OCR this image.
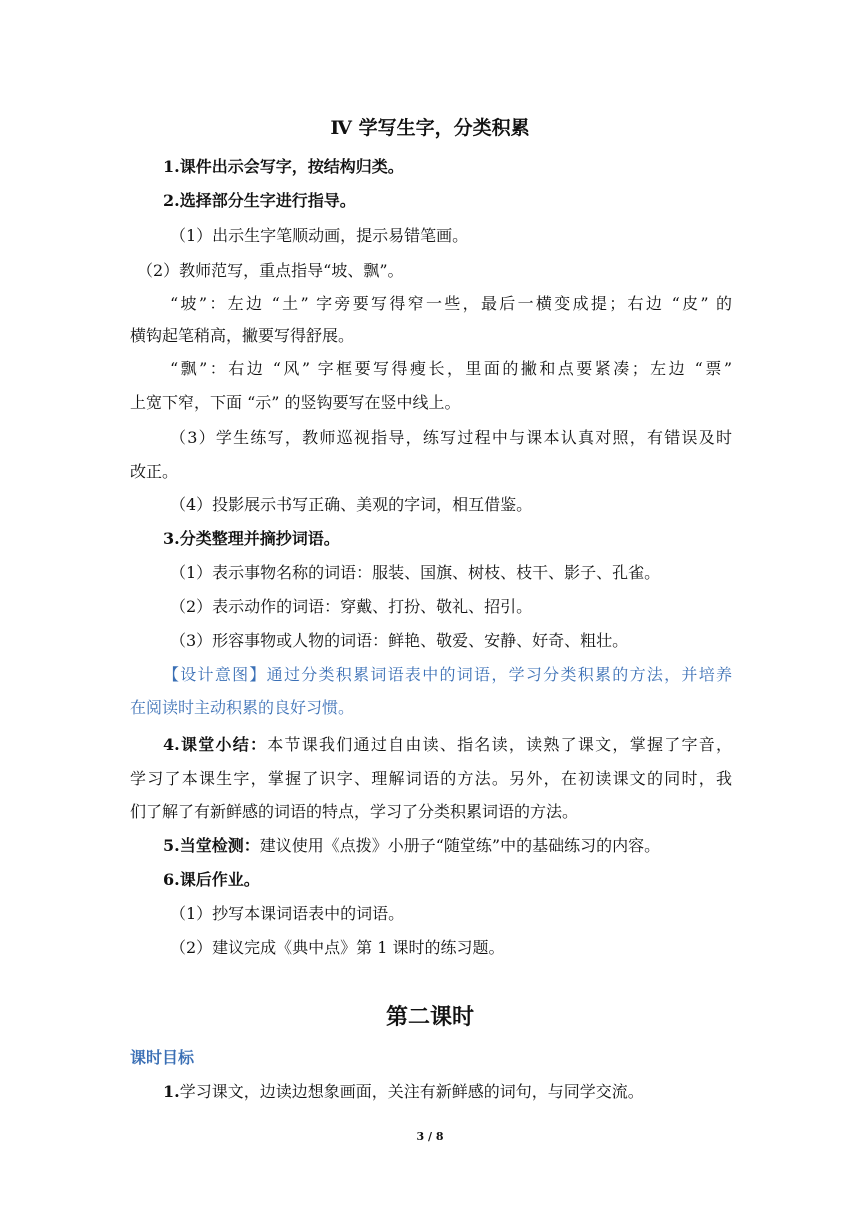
Ⅳ 学写生字，分类积累
1.课件出示会写字，按结构归类。
2.选择部分生字进行指导。
（1）出示生字笔顺动画，提示易错笔画。
（2）教师范写，重点指导“坡、飘”。
“坡”：左边 “土” 字旁要写得窄一些，最后一横变成提；右边 “皮” 的
横钩起笔稍高，撇要写得舒展。
“飘”：右边 “风” 字框要写得瘦长，里面的撇和点要紧凑；左边 “票”
上宽下窄，下面 “示” 的竖钩要写在竖中线上。
（3）学生练写，教师巡视指导，练写过程中与课本认真对照，有错误及时
改正。
（4）投影展示书写正确、美观的字词，相互借鉴。
3.分类整理并摘抄词语。
（1）表示事物名称的词语：服装、国旗、树枝、枝干、影子、孔雀。
（2）表示动作的词语：穿戴、打扮、敬礼、招引。
（3）形容事物或人物的词语：鲜艳、敬爱、安静、好奇、粗壮。
【设计意图】通过分类积累词语表中的词语，学习分类积累的方法，并培养
在阅读时主动积累的良好习惯。
4.课堂小结：本节课我们通过自由读、指名读，读熟了课文，掌握了字音，
学习了本课生字，掌握了识字、理解词语的方法。另外，在初读课文的同时，我
们了解了有新鲜感的词语的特点，学习了分类积累词语的方法。
5.当堂检测：建议使用《点拨》小册子“随堂练”中的基础练习的内容。
6.课后作业。
（1）抄写本课词语表中的词语。
（2）建议完成《典中点》第 1 课时的练习题。
第二课时
课时目标
1.学习课文，边读边想象画面，关注有新鲜感的词句，与同学交流。
3 / 8
